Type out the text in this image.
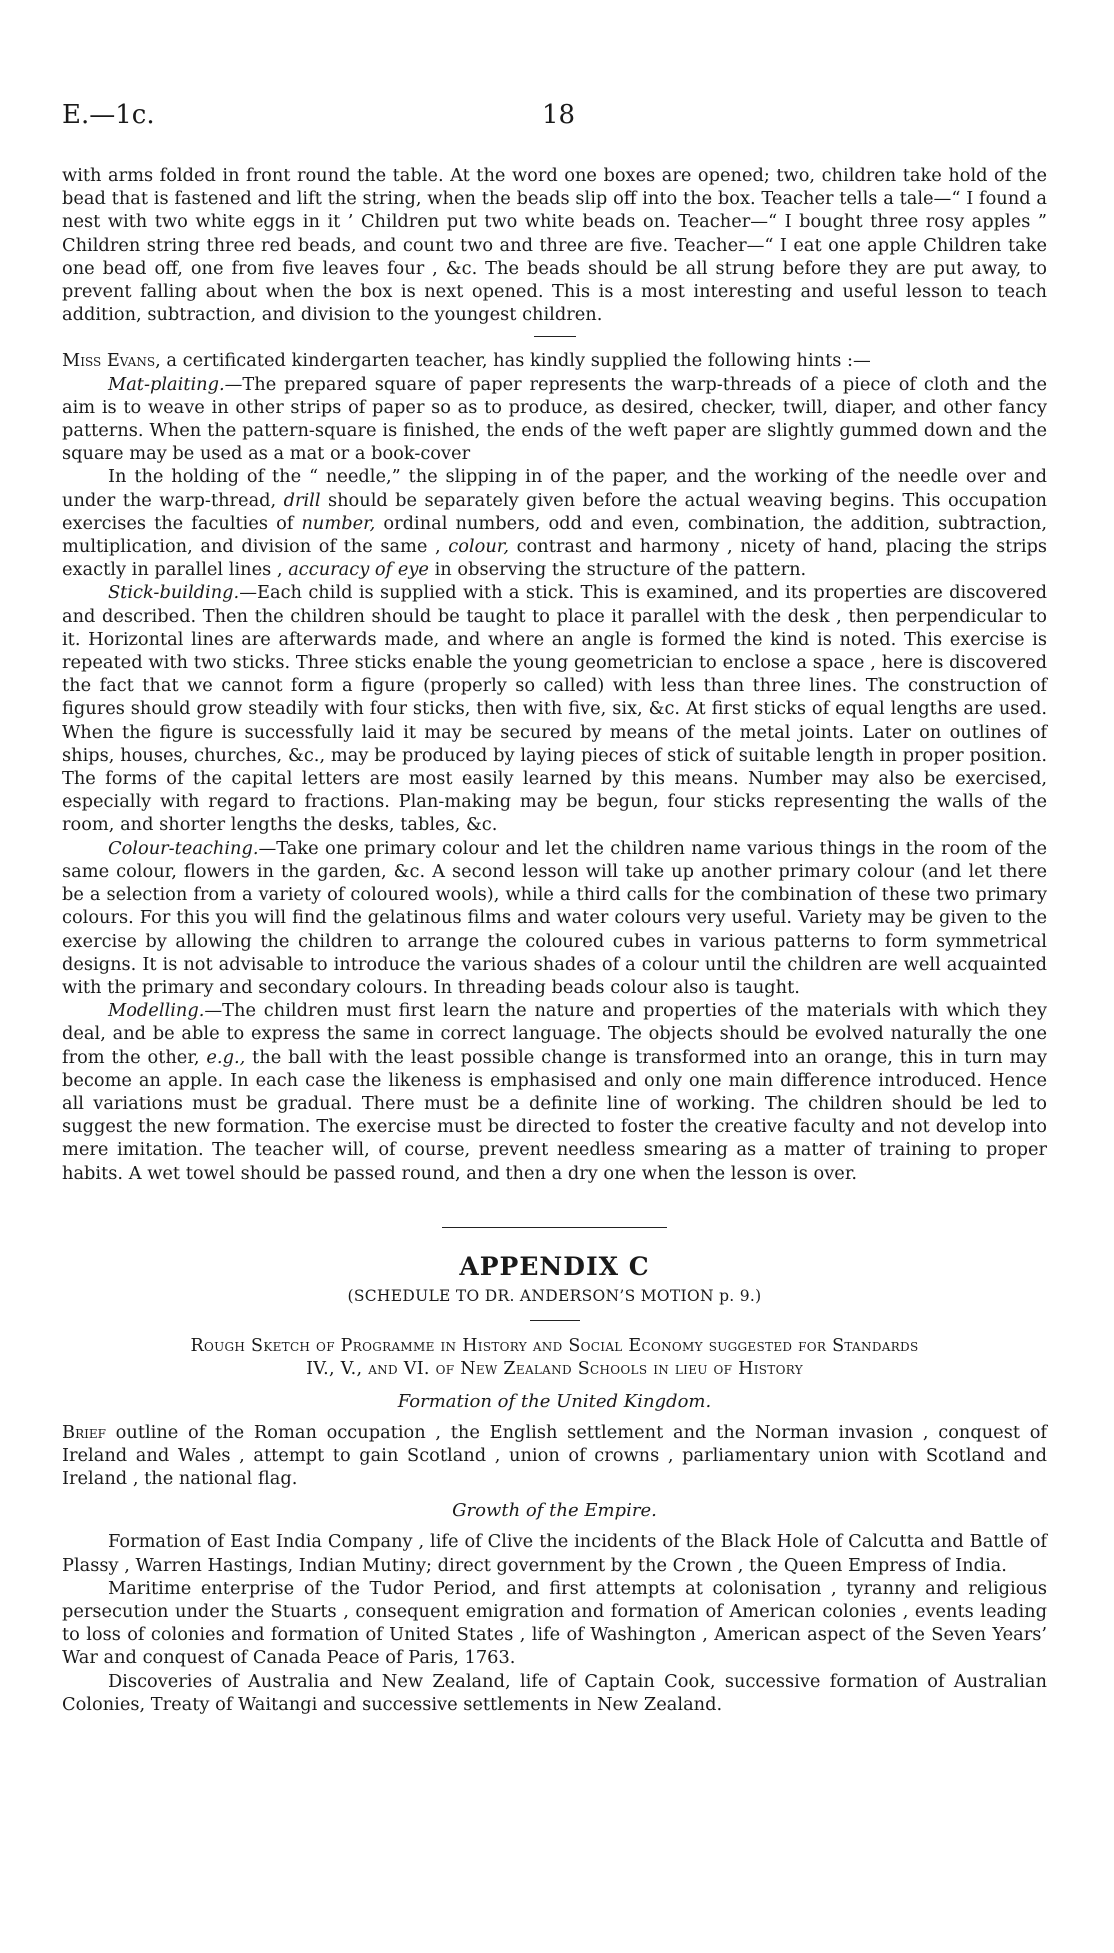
E.—1c.	18

with arms folded in front round the table. At the word one boxes are opened; two, children take hold of the bead that is fastened and lift the string, when the beads slip off into the box. Teacher tells a tale—“ I found a nest with two white eggs in it ’ Children put two white beads on. Teacher—“ I bought three rosy apples ” Children string three red beads, and count two and three are five. Teacher—“ I eat one apple Children take one bead off, one from five leaves four , &c. The beads should be all strung before they are put away, to prevent falling about when the box is next opened. This is a most interesting and useful lesson to teach addition, subtraction, and division to the youngest children.

Miss Evans, a certificated kindergarten teacher, has kindly supplied the following hints :—

Mat-plaiting.—The prepared square of paper represents the warp-threads of a piece of cloth and the aim is to weave in other strips of paper so as to produce, as desired, checker, twill, diaper, and other fancy patterns. When the pattern-square is finished, the ends of the weft paper are slightly gummed down and the square may be used as a mat or a book-cover

In the holding of the “ needle,” the slipping in of the paper, and the working of the needle over and under the warp-thread, drill should be separately given before the actual weaving begins. This occupation exercises the faculties of number, ordinal numbers, odd and even, combination, the addition, subtraction, multiplication, and division of the same , colour, contrast and harmony , nicety of hand, placing the strips exactly in parallel lines , accuracy of eye in observing the structure of the pattern.

Stick-building.—Each child is supplied with a stick. This is examined, and its properties are discovered and described. Then the children should be taught to place it parallel with the desk , then perpendicular to it. Horizontal lines are afterwards made, and where an angle is formed the kind is noted. This exercise is repeated with two sticks. Three sticks enable the young geometrician to enclose a space , here is discovered the fact that we cannot form a figure (properly so called) with less than three lines. The construction of figures should grow steadily with four sticks, then with five, six, &c. At first sticks of equal lengths are used. When the figure is successfully laid it may be secured by means of the metal joints. Later on outlines of ships, houses, churches, &c., may be produced by laying pieces of stick of suitable length in proper position. The forms of the capital letters are most easily learned by this means. Number may also be exercised, especially with regard to fractions. Plan-making may be begun, four sticks representing the walls of the room, and shorter lengths the desks, tables, &c.

Colour-teaching.—Take one primary colour and let the children name various things in the room of the same colour, flowers in the garden, &c. A second lesson will take up another primary colour (and let there be a selection from a variety of coloured wools), while a third calls for the combination of these two primary colours. For this you will find the gelatinous films and water colours very useful. Variety may be given to the exercise by allowing the children to arrange the coloured cubes in various patterns to form symmetrical designs. It is not advisable to introduce the various shades of a colour until the children are well acquainted with the primary and secondary colours. In threading beads colour also is taught.

Modelling.—The children must first learn the nature and properties of the materials with which they deal, and be able to express the same in correct language. The objects should be evolved naturally the one from the other, e.g., the ball with the least possible change is transformed into an orange, this in turn may become an apple. In each case the likeness is emphasised and only one main difference introduced. Hence all variations must be gradual. There must be a definite line of working. The children should be led to suggest the new formation. The exercise must be directed to foster the creative faculty and not develop into mere imitation. The teacher will, of course, prevent needless smearing as a matter of training to proper habits. A wet towel should be passed round, and then a dry one when the lesson is over.

APPENDIX C
(SCHEDULE TO DR. ANDERSON’S MOTION p. 9.)
Rough Sketch of Programme in History and Social Economy suggested for Standards
IV., V., and VI. of New Zealand Schools in lieu of History
Formation of the United Kingdom.

Brief outline of the Roman occupation , the English settlement and the Norman invasion , conquest of Ireland and Wales , attempt to gain Scotland , union of crowns , parliamentary union with Scotland and Ireland , the national flag.

Growth of the Empire.

Formation of East India Company , life of Clive the incidents of the Black Hole of Calcutta and Battle of Plassy , Warren Hastings, Indian Mutiny; direct government by the Crown , the Queen Empress of India.

Maritime enterprise of the Tudor Period, and first attempts at colonisation , tyranny and religious persecution under the Stuarts , consequent emigration and formation of American colonies , events leading to loss of colonies and formation of United States , life of Washington , American aspect of the Seven Years’ War and conquest of Canada Peace of Paris, 1763.

Discoveries of Australia and New Zealand, life of Captain Cook, successive formation of Australian Colonies, Treaty of Waitangi and successive settlements in New Zealand.
